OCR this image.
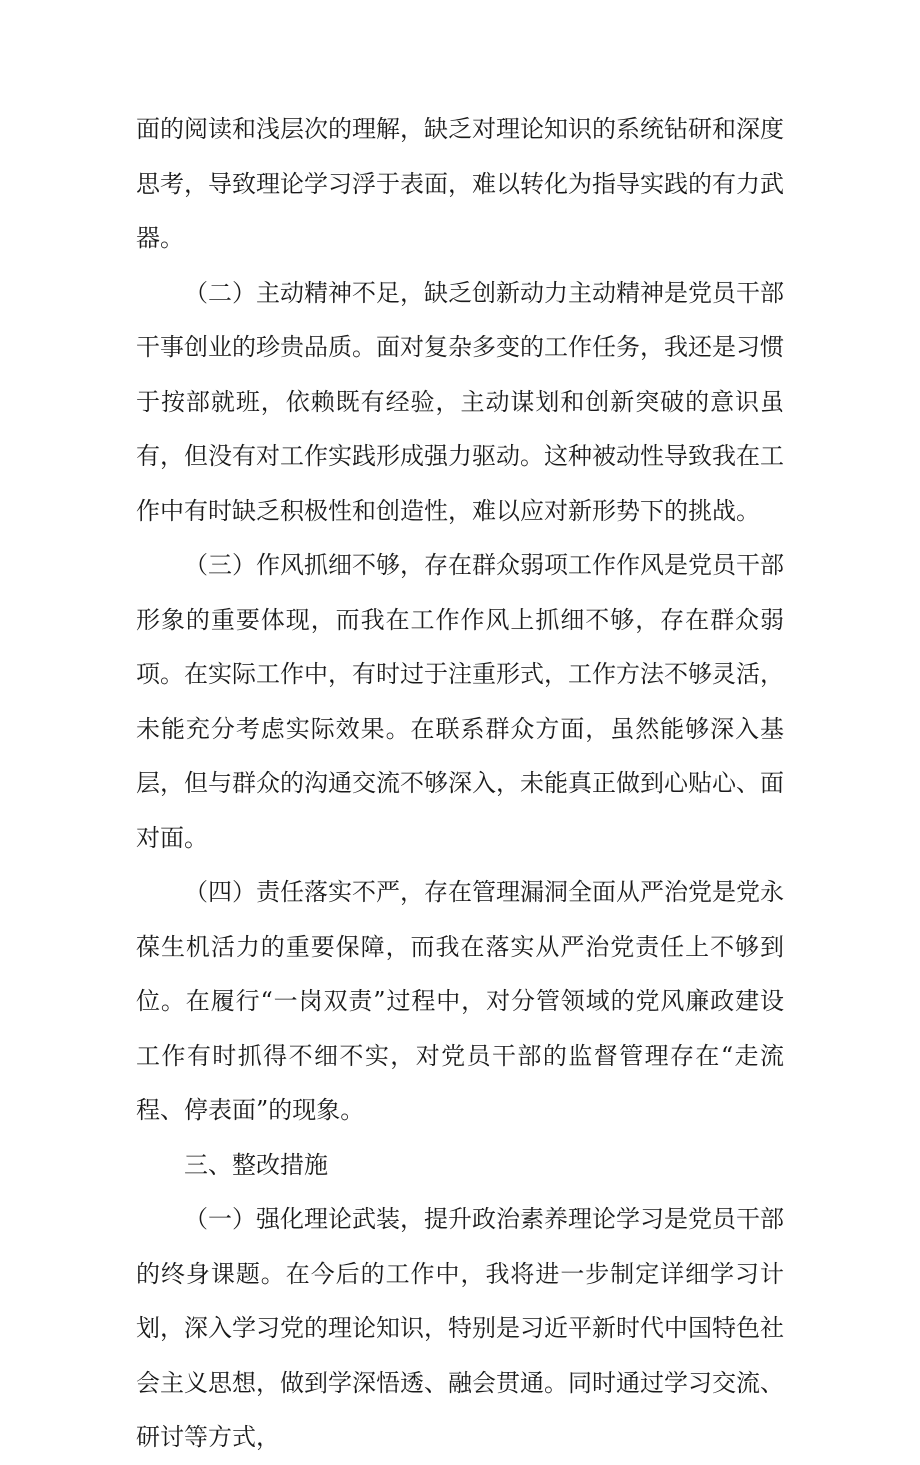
面的阅读和浅层次的理解，缺乏对理论知识的系统钻研和深度思考，导致理论学习浮于表面，难以转化为指导实践的有力武器。

（二）主动精神不足，缺乏创新动力主动精神是党员干部干事创业的珍贵品质。面对复杂多变的工作任务，我还是习惯于按部就班，依赖既有经验，主动谋划和创新突破的意识虽有，但没有对工作实践形成强力驱动。这种被动性导致我在工作中有时缺乏积极性和创造性，难以应对新形势下的挑战。

（三）作风抓细不够，存在群众弱项工作作风是党员干部形象的重要体现，而我在工作作风上抓细不够，存在群众弱项。在实际工作中，有时过于注重形式，工作方法不够灵活，未能充分考虑实际效果。在联系群众方面，虽然能够深入基层，但与群众的沟通交流不够深入，未能真正做到心贴心、面对面。

（四）责任落实不严，存在管理漏洞全面从严治党是党永葆生机活力的重要保障，而我在落实从严治党责任上不够到位。在履行“一岗双责”过程中，对分管领域的党风廉政建设工作有时抓得不细不实，对党员干部的监督管理存在“走流程、停表面”的现象。

三、整改措施

（一）强化理论武装，提升政治素养理论学习是党员干部的终身课题。在今后的工作中，我将进一步制定详细学习计划，深入学习党的理论知识，特别是习近平新时代中国特色社会主义思想，做到学深悟透、融会贯通。同时通过学习交流、研讨等方式，
